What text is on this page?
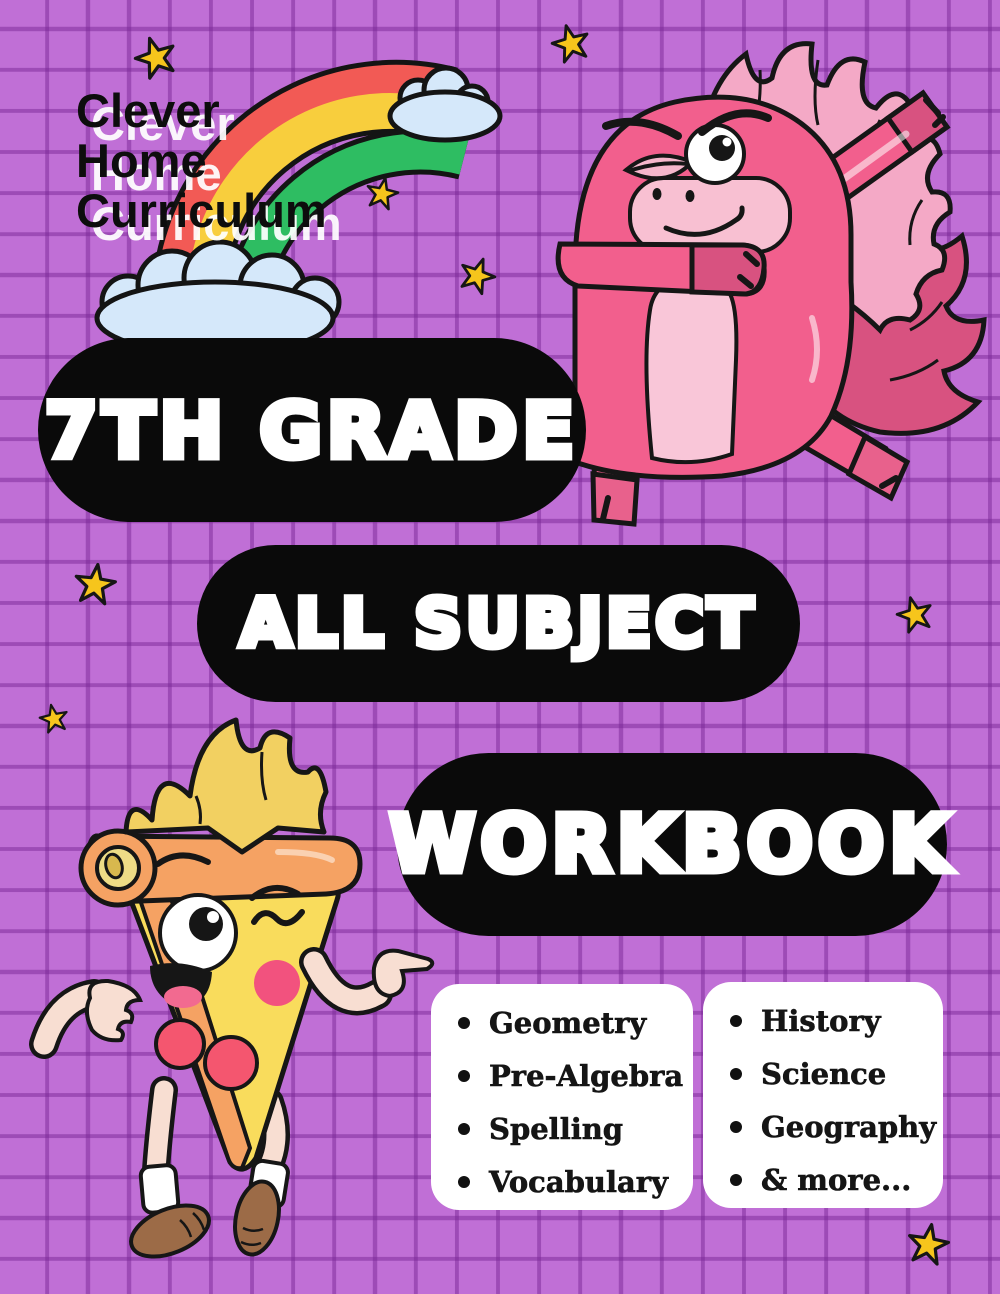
Clever
Home
Curriculum
7TH GRADE
ALL SUBJECT
WORKBOOK
Geometry
Pre-Algebra
Spelling
Vocabulary
History
Science
Geography
& more...
